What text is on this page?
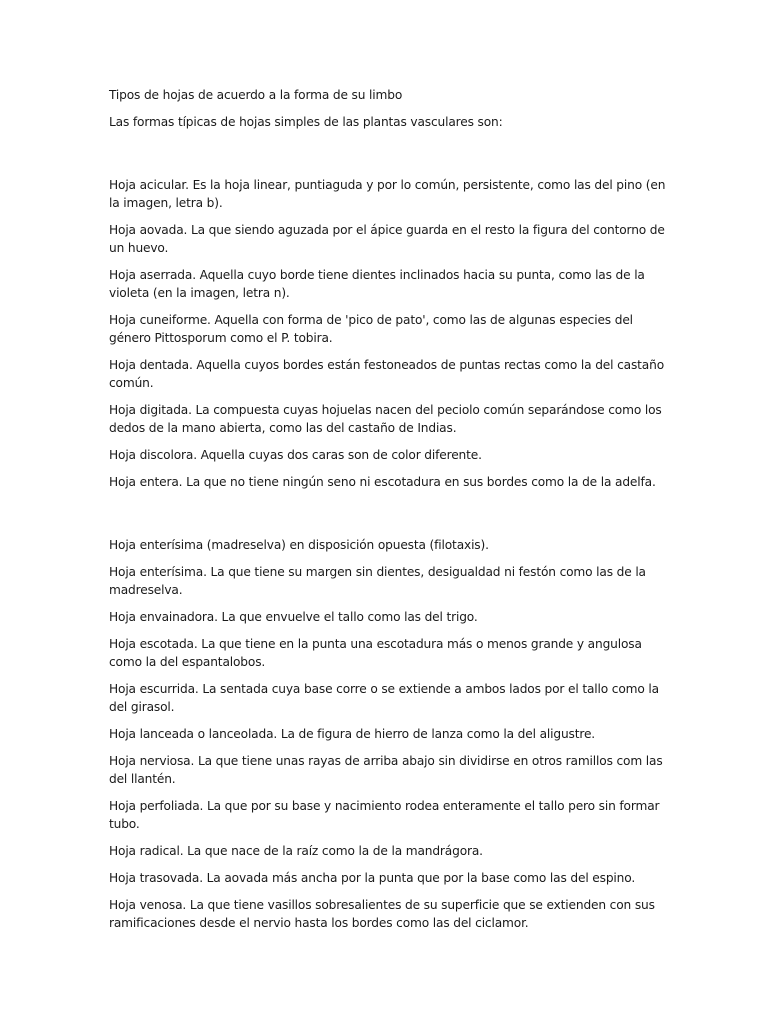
Tipos de hojas de acuerdo a la forma de su limbo

Las formas típicas de hojas simples de las plantas vasculares son:

Hoja acicular. Es la hoja linear, puntiaguda y por lo común, persistente, como las del pino (en la imagen, letra b).

Hoja aovada. La que siendo aguzada por el ápice guarda en el resto la figura del contorno de un huevo.

Hoja aserrada. Aquella cuyo borde tiene dientes inclinados hacia su punta, como las de la violeta (en la imagen, letra n).

Hoja cuneiforme. Aquella con forma de 'pico de pato', como las de algunas especies del género Pittosporum como el P. tobira.

Hoja dentada. Aquella cuyos bordes están festoneados de puntas rectas como la del castaño común.

Hoja digitada. La compuesta cuyas hojuelas nacen del peciolo común separándose como los dedos de la mano abierta, como las del castaño de Indias.

Hoja discolora. Aquella cuyas dos caras son de color diferente.

Hoja entera. La que no tiene ningún seno ni escotadura en sus bordes como la de la adelfa.

Hoja enterísima (madreselva) en disposición opuesta (filotaxis).

Hoja enterísima. La que tiene su margen sin dientes, desigualdad ni festón como las de la madreselva.

Hoja envainadora. La que envuelve el tallo como las del trigo.

Hoja escotada. La que tiene en la punta una escotadura más o menos grande y angulosa como la del espantalobos.

Hoja escurrida. La sentada cuya base corre o se extiende a ambos lados por el tallo como la del girasol.

Hoja lanceada o lanceolada. La de figura de hierro de lanza como la del aligustre.

Hoja nerviosa. La que tiene unas rayas de arriba abajo sin dividirse en otros ramillos com las del llantén.

Hoja perfoliada. La que por su base y nacimiento rodea enteramente el tallo pero sin formar tubo.

Hoja radical. La que nace de la raíz como la de la mandrágora.

Hoja trasovada. La aovada más ancha por la punta que por la base como las del espino.

Hoja venosa. La que tiene vasillos sobresalientes de su superficie que se extienden con sus ramificaciones desde el nervio hasta los bordes como las del ciclamor.
